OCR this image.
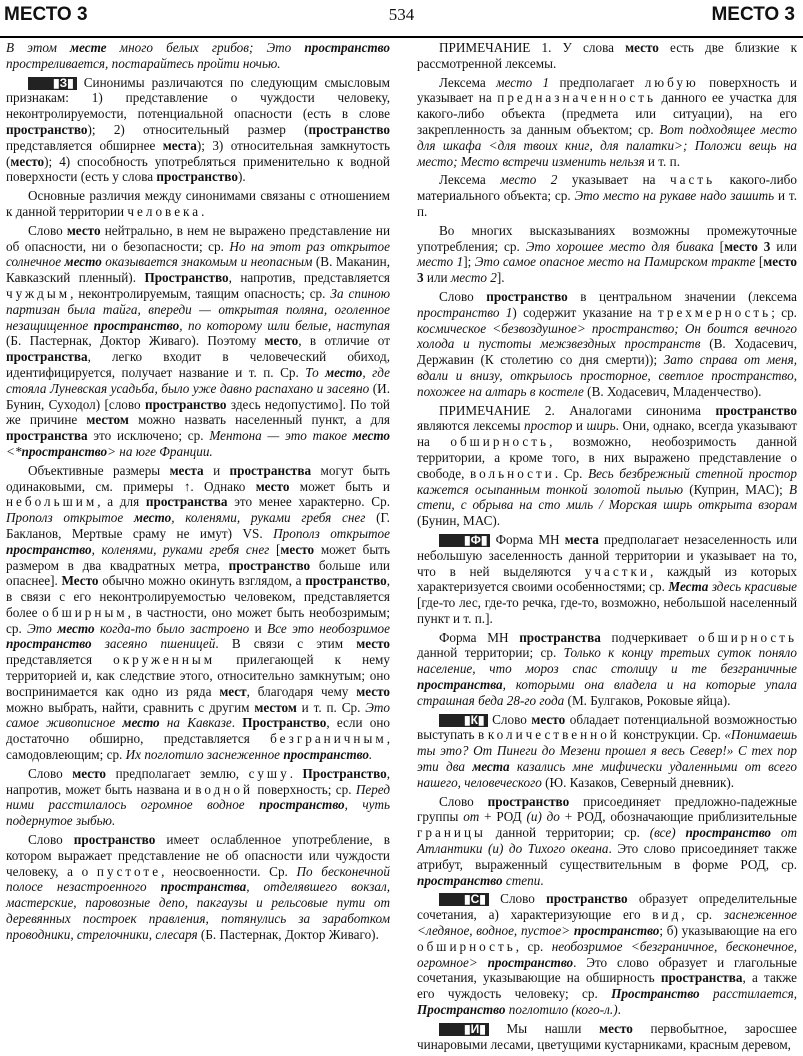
МЕСТО 3	534	МЕСТО 3

В этом месте много белых грибов; Это пространство простреливается, постарайтесь пройти ночью.

▮З▮ Синонимы различаются по следующим смысловым признакам: 1) представление о чуждости человеку, неконтролируемости, потенциальной опасности (есть в слове пространство); 2) относительный размер (пространство представляется обширнее места); 3) относительная замкнутость (место); 4) способность употребляться применительно к водной поверхности (есть у слова пространство).

Основные различия между синонимами связаны с отношением к данной территории человека.

Слово место нейтрально, в нем не выражено представление ни об опасности, ни о безопасности; ср. Но на этот раз открытое солнечное место оказывается знакомым и неопасным (В. Маканин, Кавказский пленный). Пространство, напротив, представляется чуждым, неконтролируемым, таящим опасность; ср. За спиною партизан была тайга, впереди — открытая поляна, оголенное незащищенное пространство, по которому шли белые, наступая (Б. Пастернак, Доктор Живаго). Поэтому место, в отличие от пространства, легко входит в человеческий обиход, идентифицируется, получает название и т. п. Ср. То место, где стояла Луневская усадьба, было уже давно распахано и засеяно (И. Бунин, Суходол) [слово пространство здесь недопустимо]. По той же причине местом можно назвать населенный пункт, а для пространства это исключено; ср. Ментона — это такое место <*пространство> на юге Франции.

Объективные размеры места и пространства могут быть одинаковыми, см. примеры ↑. Однако место может быть и небольшим, а для пространства это менее характерно. Ср. Прополз открытое место, коленями, руками гребя снег (Г. Бакланов, Мертвые сраму не имут) VS. Прополз открытое пространство, коленями, руками гребя снег [место может быть размером в два квадратных метра, пространство больше или опаснее]. Место обычно можно окинуть взглядом, а пространство, в связи с его неконтролируемостью человеком, представляется более обширным, в частности, оно может быть необозримым; ср. Это место когда-то было застроено и Все это необозримое пространство засеяно пшеницей. В связи с этим место представляется окруженным прилегающей к нему территорией и, как следствие этого, относительно замкнутым; оно воспринимается как одно из ряда мест, благодаря чему место можно выбрать, найти, сравнить с другим местом и т. п. Ср. Это самое живописное место на Кавказе. Пространство, если оно достаточно обширно, представляется безграничным, самодовлеющим; ср. Их поглотило заснеженное пространство.

Слово место предполагает землю, сушу. Пространство, напротив, может быть названа и водной поверхность; ср. Перед ними расстилалось огромное водное пространство, чуть подернутое зыбью.

Слово пространство имеет ослабленное употребление, в котором выражает представление не об опасности или чуждости человеку, а о пустоте, неосвоенности. Ср. По бесконечной полосе незастроенного пространства, отделявшего вокзал, мастерские, паровозные депо, пакгаузы и рельсовые пути от деревянных построек правления, потянулись за заработком проводники, стрелочники, слесаря (Б. Пастернак, Доктор Живаго).

ПРИМЕЧАНИЕ 1. У слова место есть две близкие к рассмотренной лексемы.

Лексема место 1 предполагает любую поверхность и указывает на предназначенность данного ее участка для какого-либо объекта (предмета или ситуации), на его закрепленность за данным объектом; ср. Вот подходящее место для шкафа <для твоих книг, для палатки>; Положи вещь на место; Место встречи изменить нельзя и т. п.

Лексема место 2 указывает на часть какого-либо материального объекта; ср. Это место на рукаве надо зашить и т. п.

Во многих высказываниях возможны промежуточные употребления; ср. Это хорошее место для бивака [место 3 или место 1]; Это самое опасное место на Памирском тракте [место 3 или место 2].

Слово пространство в центральном значении (лексема пространство 1) содержит указание на трехмерность; ср. космическое <безвоздушное> пространство; Он боится вечного холода и пустоты межзвездных пространств (В. Ходасевич, Державин (К столетию со дня смерти)); Зато справа от меня, вдали и внизу, открылось просторное, светлое пространство, похожее на алтарь в костеле (В. Ходасевич, Младенчество).

ПРИМЕЧАНИЕ 2. Аналогами синонима пространство являются лексемы простор и ширь. Они, однако, всегда указывают на обширность, возможно, необозримость данной территории, а кроме того, в них выражено представление о свободе, вольности. Ср. Весь безбрежный степной простор кажется осыпанным тонкой золотой пылью (Куприн, МАС); В степи, с обрыва на сто миль / Морская ширь открыта взорам (Бунин, МАС).

▮Ф▮ Форма МН места предполагает незаселенность или небольшую заселенность данной территории и указывает на то, что в ней выделяются участки, каждый из которых характеризуется своими особенностями; ср. Места здесь красивые [где-то лес, где-то речка, где-то, возможно, небольшой населенный пункт и т. п.].

Форма МН пространства подчеркивает обширность данной территории; ср. Только к концу третьих суток поняло население, что мороз спас столицу и те безграничные пространства, которыми она владела и на которые упала страшная беда 28-го года (М. Булгаков, Роковые яйца).

▮К▮ Слово место обладает потенциальной возможностью выступать в количественной конструкции. Ср. «Понимаешь ты это? От Пинеги до Мезени прошел я весь Север!» С тех пор эти два места казались мне мифически удаленными от всего нашего, человеческого (Ю. Казаков, Северный дневник).

Слово пространство присоединяет предложно-падежные группы от + РОД (и) до + РОД, обозначающие приблизительные границы данной территории; ср. (все) пространство от Атлантики (и) до Тихого океана. Это слово присоединяет также атрибут, выраженный существительным в форме РОД, ср. пространство степи.

▮С▮ Слово пространство образует определительные сочетания, а) характеризующие его вид, ср. заснеженное <ледяное, водное, пустое> пространство; б) указывающие на его обширность, ср. необозримое <безграничное, бесконечное, огромное> пространство. Это слово образует и глагольные сочетания, указывающие на обширность пространства, а также его чуждость человеку; ср. Пространство расстилается, Пространство поглотило (кого-л.).

▮И▮ Мы нашли место первобытное, заросшее чинаровыми лесами, цветущими кустарниками, красным деревом,
